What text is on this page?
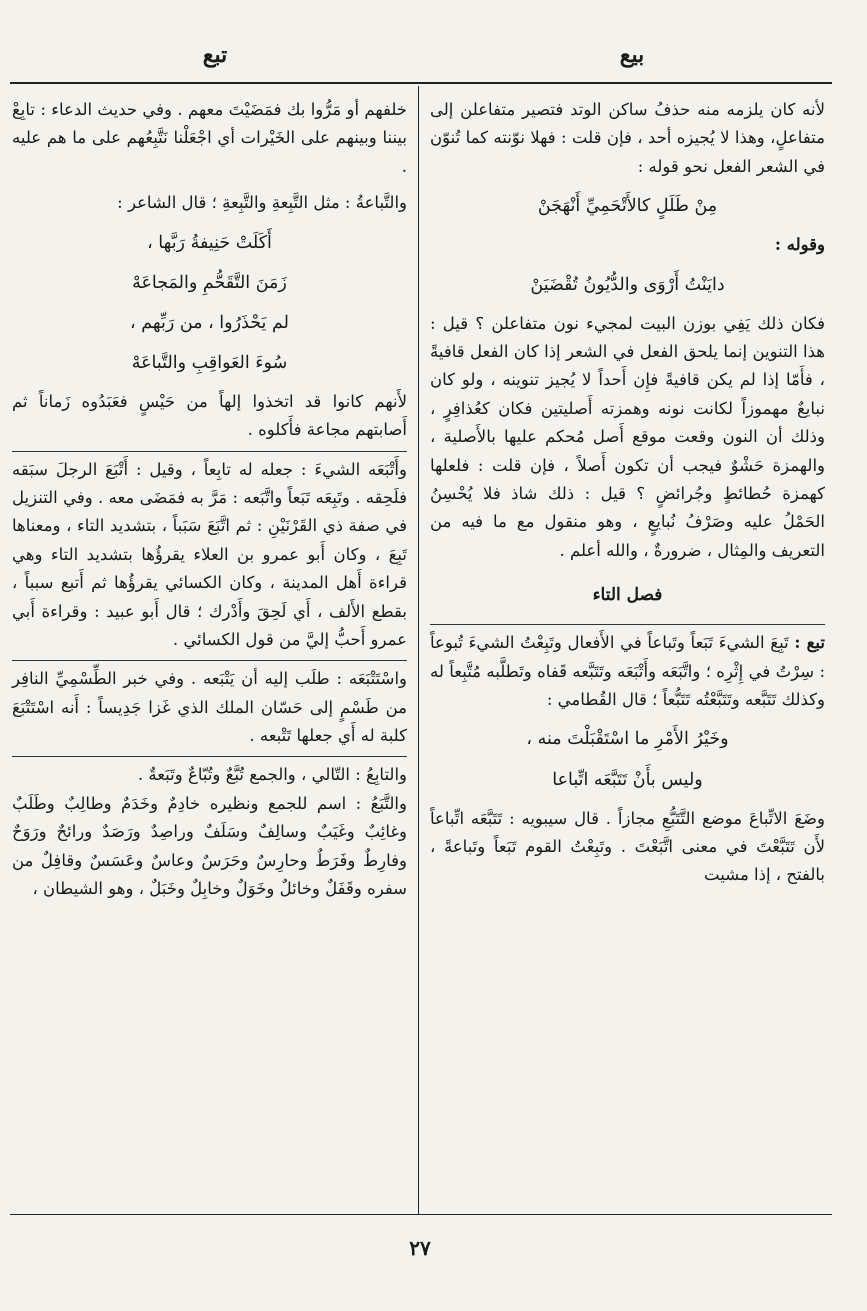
بيع
تبع

لأنه كان يلزمه منه حذفُ ساكن الوتد فتصير متفاعلن إلى متفاعلٍ، وهذا لا يُجيزه أحد ، فإن قلت : فهلا نوّنته كما تُنوّن في الشعر الفعل نحو قوله :

مِنْ طَلَلٍ كالأَتْحَمِيِّ أَنْهَجَنْ

وقوله :

دايَنْتُ أَرْوَى والدُّيُونُ تُقْضَيَنْ

فكان ذلك يَفِي بوزن البيت لمجيء نون متفاعلن ؟ قيل : هذا التنوين إنما يلحق الفعل في الشعر إذا كان الفعل قافيةً ، فأَمّا إذا لم يكن قافيةً فإِن أَحداً لا يُجيز تنوينه ، ولو كان نبايعٌ مهموزاً لكانت نونه وهمزته أَصليتين فكان كعُذافِرٍ ، وذلك أن النون وقعت موقع أَصل مُحكم عليها بالأَصلية ، والهمزة حَشْوٌ فيجب أن تكون أَصلاً ، فإن قلت : فلعلها كهمزة حُطائطٍ وجُرائضٍ ؟ قيل : ذلك شاذ فلا يُحْسِنُ الحَمْلُ عليه وصَرْفُ نُبايعٍ ، وهو منقول مع ما فيه من التعريف والمِثال ، ضرورةٌ ، والله أعلم .

فصل التاء

تبع : تَبِعَ الشيءَ تَبَعاً وتَباعاً في الأَفعال وتَبِعْتُ الشيءَ تُبوعاً : سِرْتُ في إِثْرِه ؛ واتَّبَعَه وأَتْبَعَه وتَتَبَّعه قَفاه وتَطلَّبه مُتَّبِعاً له وكذلك تَتَبَّعه وتَتَبَّعْتُه تَتَبُّعاً ؛ قال القُطامي :

وخَيْرُ الأَمْرِ ما اسْتَقْبَلْتَ منه ،

وليس بأَنْ تَتَبَّعَه اتِّباعا

وضَعَ الاتِّباعَ موضع التَّتَبُّعِ مجازاً . قال سيبويه : تَتَبَّعَه اتِّباعاً لأَن تَتَبَّعْتَ في معنى اتَّبَعْتَ . وتَبِعْتُ القوم تَبَعاً وتَباعةً ، بالفتح ، إذا مشيت

خلفهم أو مَرُّوا بك فمَضَيْتَ معهم . وفي حديث الدعاء : تابِعْ بيننا وبينهم على الخَيْرات أي اجْعَلْنا نَتَّبِعُهم على ما هم عليه .

والتَّباعةُ : مثل التَّبِعةِ والتَّبِعةِ ؛ قال الشاعر :

أَكَلَتْ حَنِيفةُ رَبَّها ،

زَمَنَ التَّقَحُّمِ والمَجاعَهْ

لم يَحْذَرُوا ، من رَبِّهم ،

سُوءَ العَواقِبِ والتَّباعَهْ

لأَنهم كانوا قد اتخذوا إلهاً من حَيْسٍ فعَبَدُوه زَماناً ثم أَصابتهم مجاعة فأَكلوه .

وأَتْبَعَه الشيءَ : جعله له تابِعاً ، وقيل : أَتْبَعَ الرجلَ سبَقه فلَحِقه . وتَبِعَه تَبَعاً واتَّبَعه : مَرَّ به فمَضَى معه . وفي التنزيل في صفة ذي القَرْنَيْنِ : ثم اتَّبَعَ سَبَباً ، بتشديد التاء ، ومعناها تَبِعَ ، وكان أَبو عمرو بن العلاء يقرؤُها بتشديد التاء وهي قراءة أَهل المدينة ، وكان الكسائي يقرؤُها ثم أَتبع سبباً ، بقطع الأَلف ، أَي لَحِقَ وأَدْرك ؛ قال أَبو عبيد : وقراءة أَبي عمرو أَحبُّ إليَّ من قول الكسائي .

واسْتَتْبَعَه : طلَب إليه أن يَتْبَعه . وفي خبر الطِّسْمِيِّ النافِر من طَسْمٍ إلى حَسّان الملك الذي غَزا جَدِيساً : أَنه اسْتَتْبَعَ كلبة له أَي جعلها تَتْبعه .

والتابِعُ : التّالي ، والجمع تُبَّعٌ وتُبّاعٌ وتَبَعةٌ .

والتَّبَعُ : اسم للجمع ونظيره خادِمٌ وخَدَمٌ وطالِبٌ وطَلَبٌ وغائِبٌ وغَيَبٌ وسالِفٌ وسَلَفٌ وراصِدٌ ورَصَدٌ ورائحٌ ورَوَحٌ وفارِطٌ وفَرَطٌ وحارِسٌ وحَرَسٌ وعاسٌ وعَسَسٌ وقافِلٌ من سفره وقَفَلٌ وخائلٌ وخَوَلٌ وخابِلٌ وخَبَلٌ ، وهو الشيطان ،

٢٧
